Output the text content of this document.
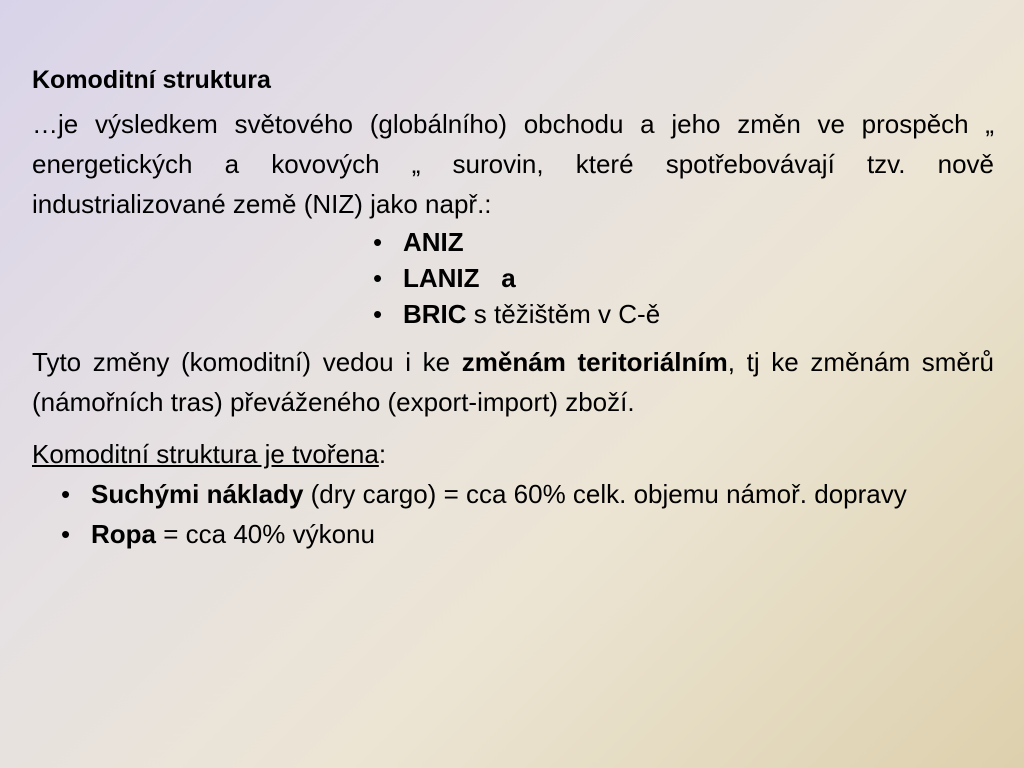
Komoditní struktura

…je výsledkem světového (globálního) obchodu a jeho změn ve prospěch „ energetických a kovových „ surovin, které spotřebovávají tzv. nově industrializované země (NIZ) jako např.:

• ANIZ
• LANIZ   a
• BRIC s těžištěm v C-ě

Tyto změny (komoditní) vedou i ke změnám teritoriálním, tj ke změnám směrů (námořních tras) převáženého (export-import) zboží.

Komoditní struktura je tvořena:

• Suchými náklady (dry cargo) = cca 60% celk. objemu námoř. dopravy
• Ropa = cca 40% výkonu
